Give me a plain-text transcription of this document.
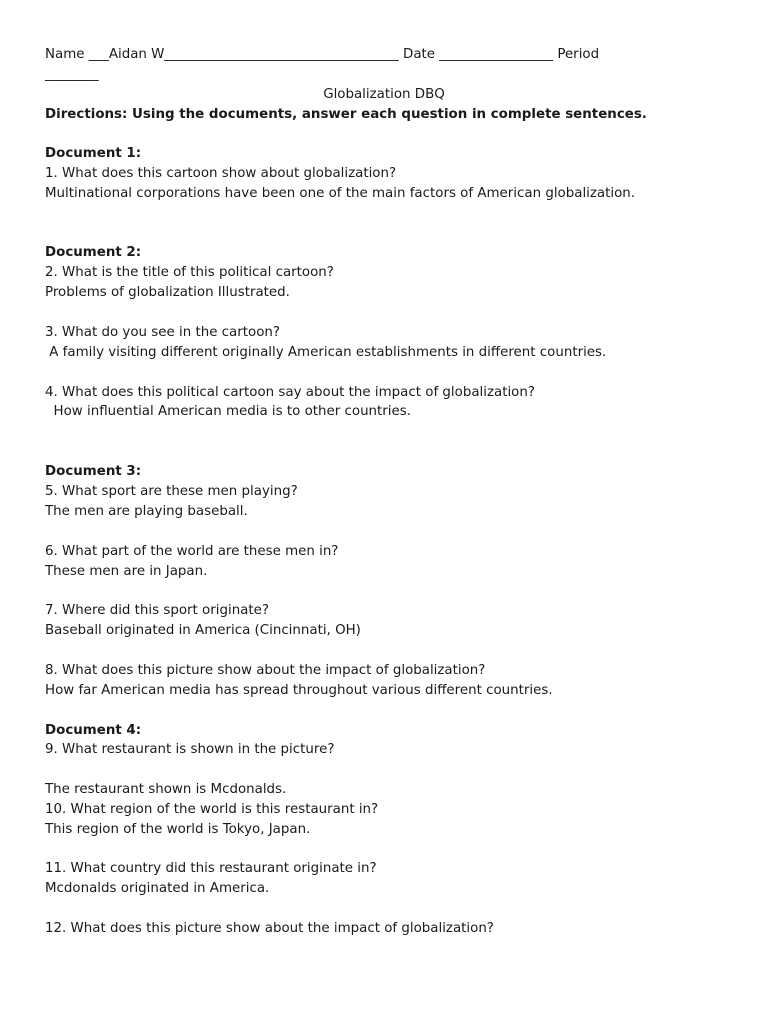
Name ___Aidan W___________________________________ Date _________________ Period
________
Globalization DBQ
Directions: Using the documents, answer each question in complete sentences.
Document 1:
1. What does this cartoon show about globalization?
Multinational corporations have been one of the main factors of American globalization.
Document 2:
2. What is the title of this political cartoon?
Problems of globalization Illustrated.
3. What do you see in the cartoon?
A family visiting different originally American establishments in different countries.
4. What does this political cartoon say about the impact of globalization?
How influential American media is to other countries.
Document 3:
5. What sport are these men playing?
The men are playing baseball.
6. What part of the world are these men in?
These men are in Japan.
7. Where did this sport originate?
Baseball originated in America (Cincinnati, OH)
8. What does this picture show about the impact of globalization?
How far American media has spread throughout various different countries.
Document 4:
9. What restaurant is shown in the picture?
The restaurant shown is Mcdonalds.
10. What region of the world is this restaurant in?
This region of the world is Tokyo, Japan.
11. What country did this restaurant originate in?
Mcdonalds originated in America.
12. What does this picture show about the impact of globalization?
